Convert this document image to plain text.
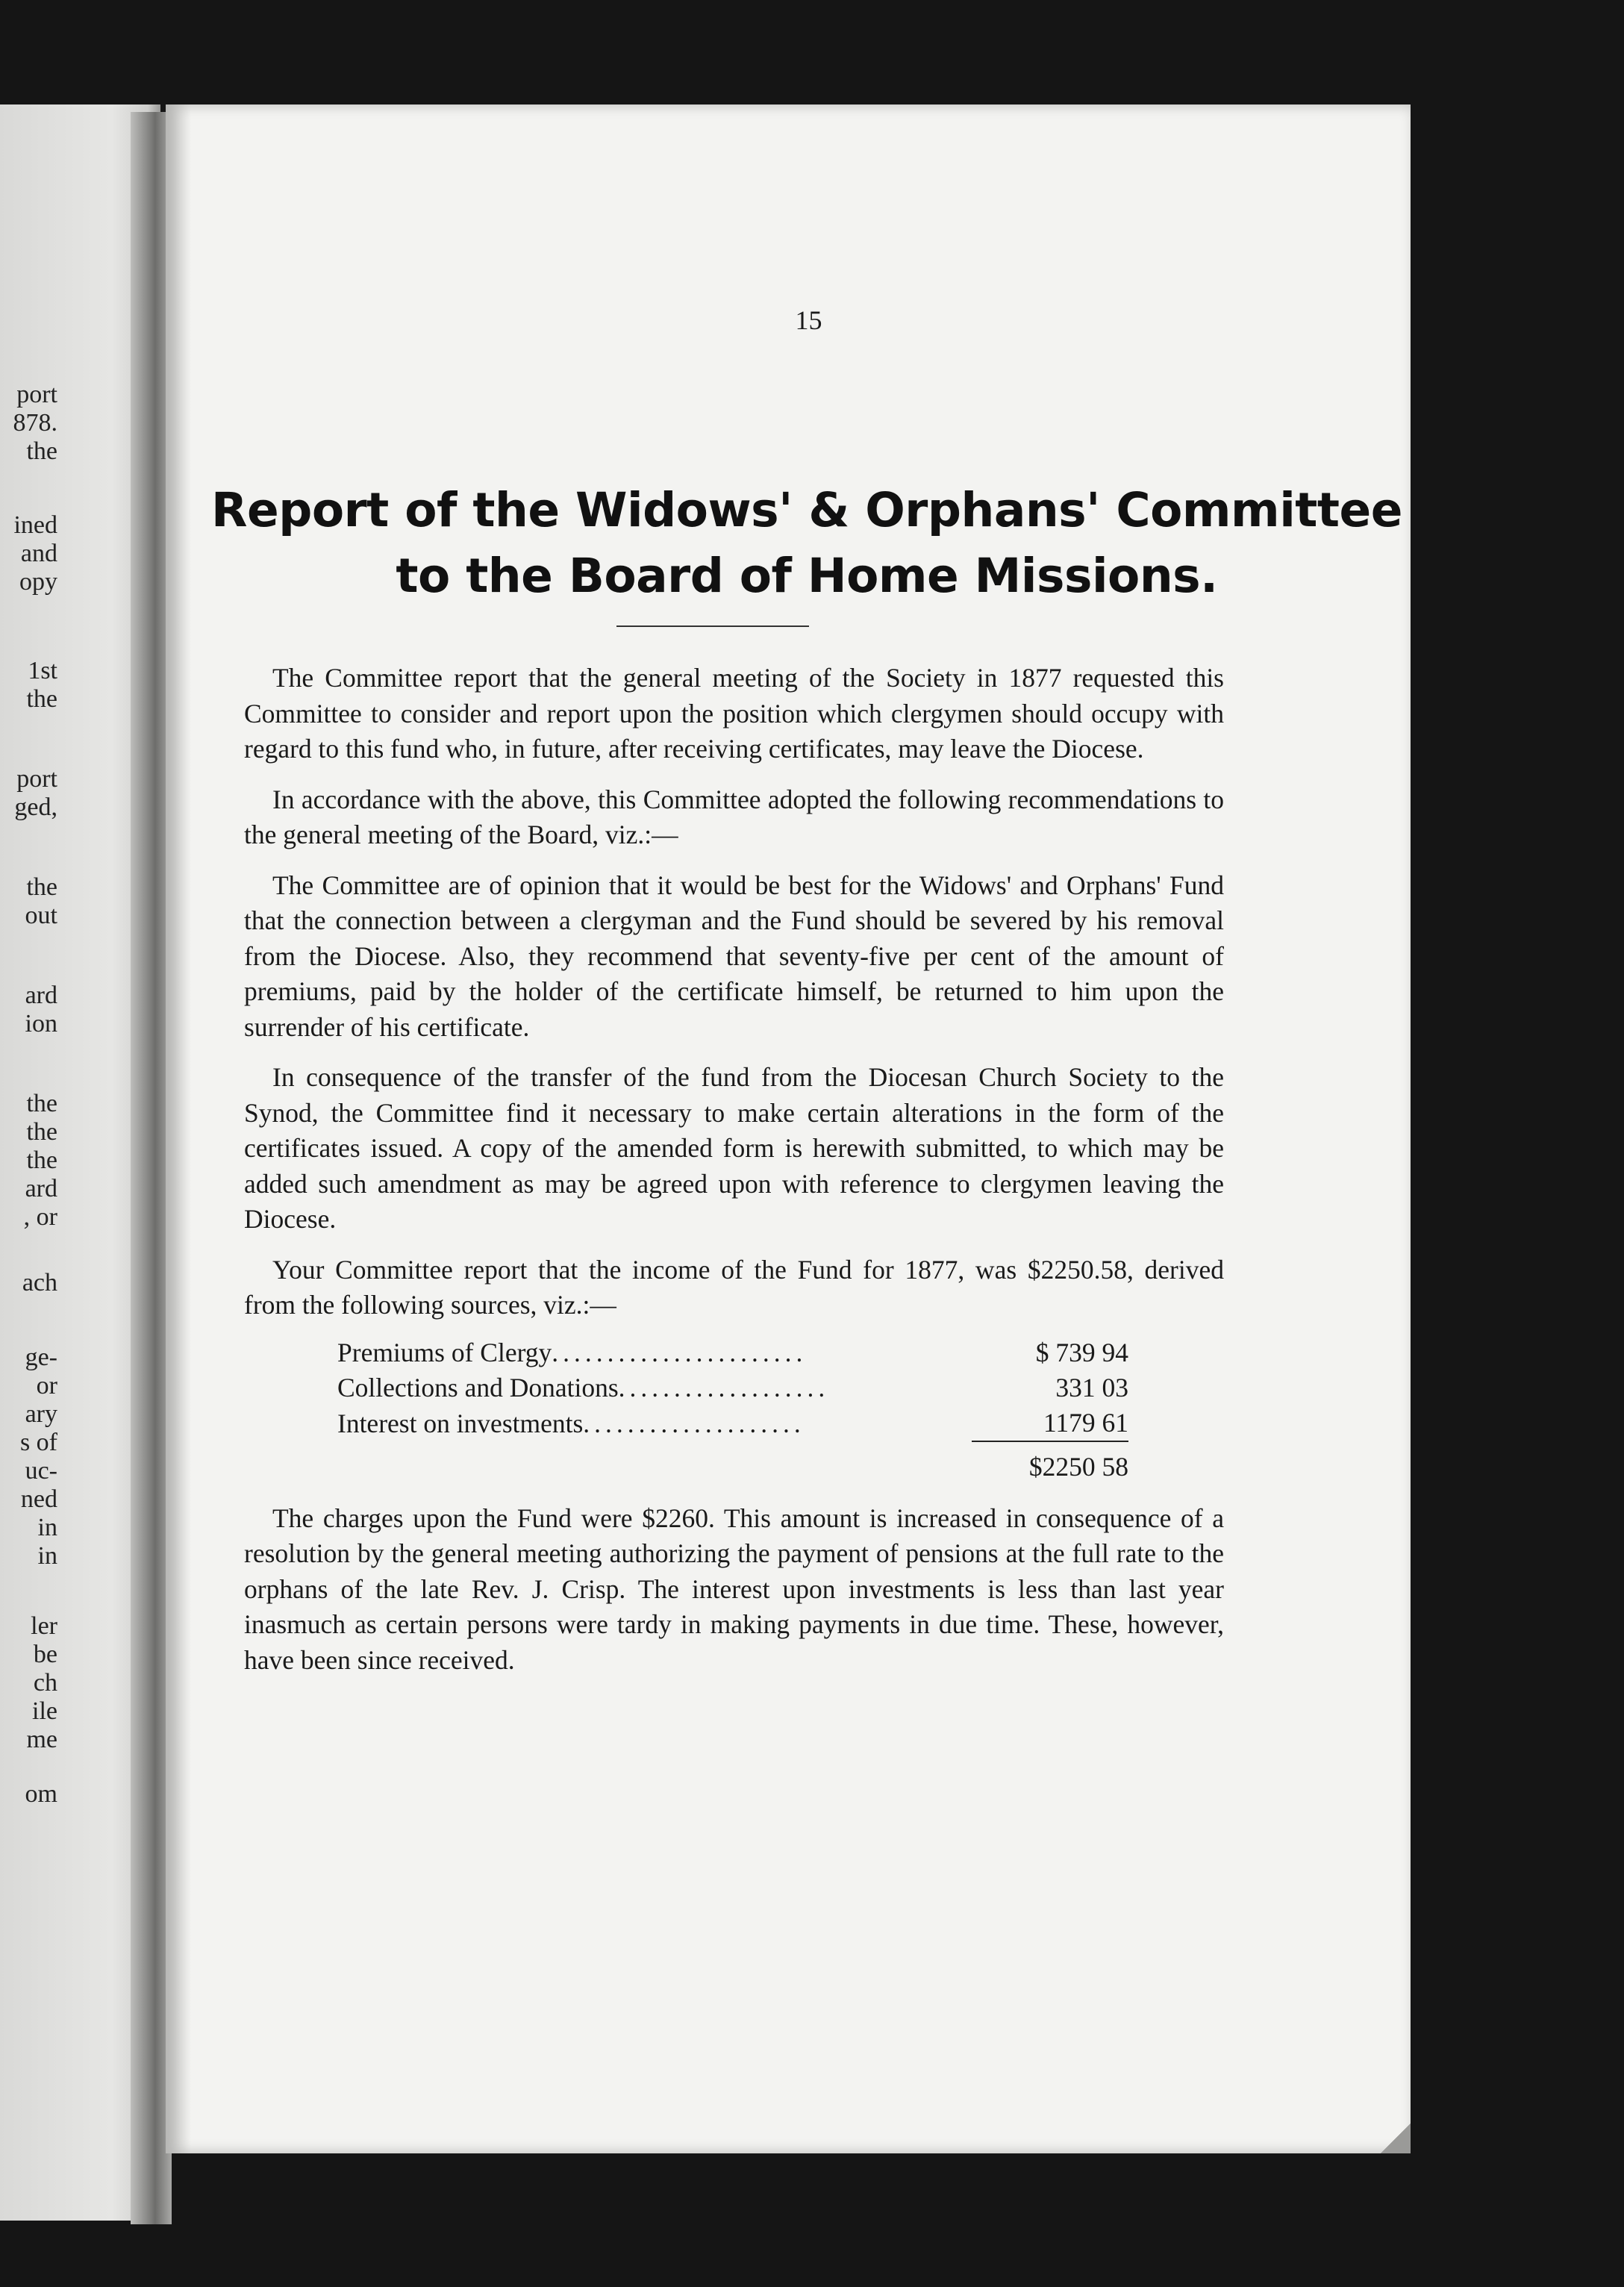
port
878.
the
ined
and
opy
1st
the
port
ged,
the
out
ard
ion
the
the
the
ard
, or
ach
ge-
or
ary
s of
uc-
ned
in
in
ler
be
ch
ile
me
om
15
Report of the Widows' & Orphans' Committee
to the Board of Home Missions.

The Committee report that the general meeting of the Society in 1877 requested this Committee to consider and report upon the position which clergymen should occupy with regard to this fund who, in future, after receiving certificates, may leave the Diocese.

In accordance with the above, this Committee adopted the following recommendations to the general meeting of the Board, viz.:—

The Committee are of opinion that it would be best for the Widows' and Orphans' Fund that the connection between a clergyman and the Fund should be severed by his removal from the Diocese. Also, they recommend that seventy-five per cent of the amount of premiums, paid by the holder of the certificate himself, be returned to him upon the surrender of his certificate.

In consequence of the transfer of the fund from the Diocesan Church Society to the Synod, the Committee find it necessary to make certain alterations in the form of the certificates issued. A copy of the amended form is herewith submitted, to which may be added such amendment as may be agreed upon with reference to clergymen leaving the Diocese.

Your Committee report that the income of the Fund for 1877, was $2250.58, derived from the following sources, viz.:—

Premiums of Clergy.......................	$ 739 94
Collections and Donations...................	331 03
Interest on investments....................	1179 61
	$2250 58

The charges upon the Fund were $2260. This amount is increased in consequence of a resolution by the general meeting authorizing the payment of pensions at the full rate to the orphans of the late Rev. J. Crisp. The interest upon investments is less than last year inasmuch as certain persons were tardy in making payments in due time. These, however, have been since received.
